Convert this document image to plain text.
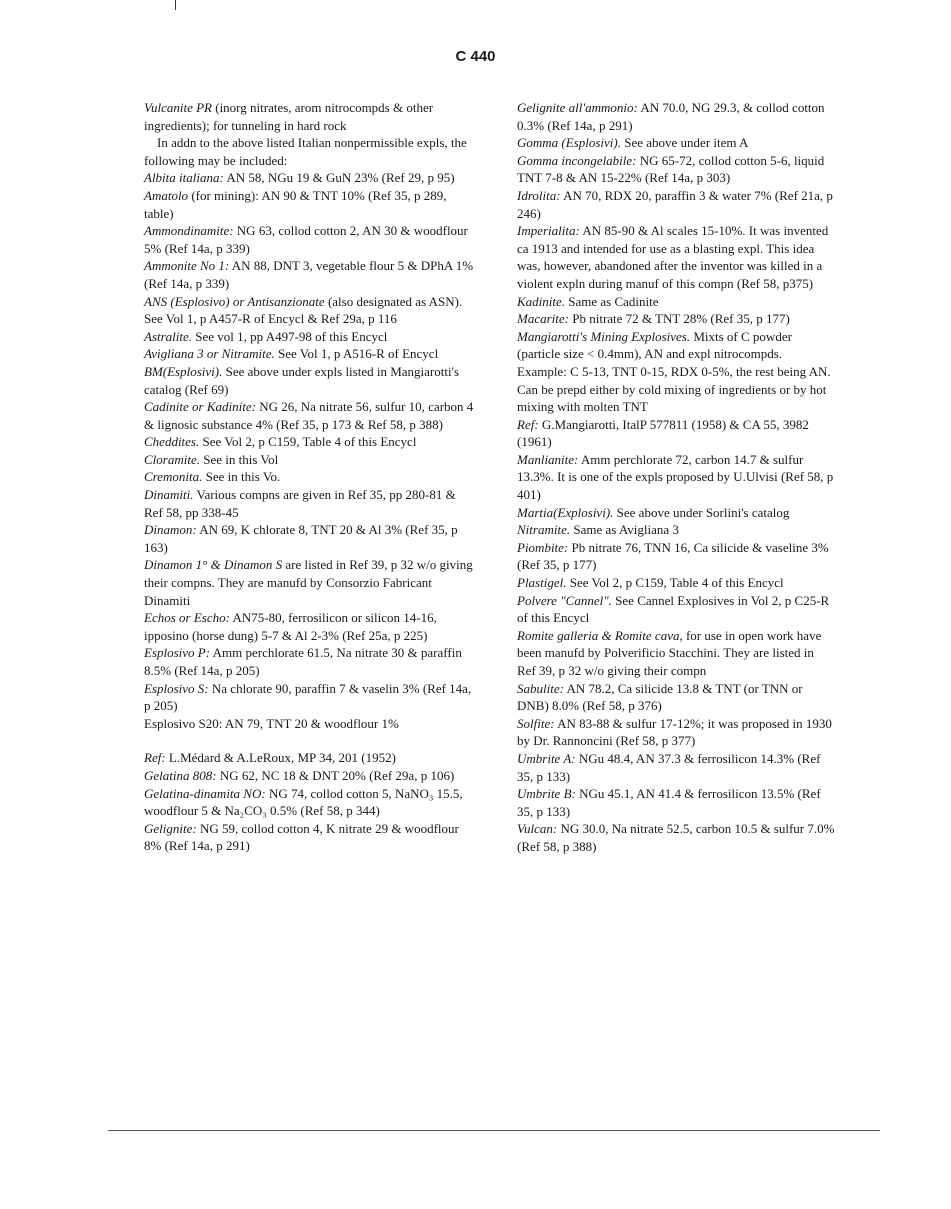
C 440

Vulcanite PR (inorg nitrates, arom nitrocompds & other ingredients); for tunneling in hard rock

 In addn to the above listed Italian nonpermissible expls, the following may be included:

Albita italiana: AN 58, NGu 19 & GuN 23% (Ref 29, p 95)

Amatolo (for mining): AN 90 & TNT 10% (Ref 35, p 289, table)

Ammondinamite: NG 63, collod cotton 2, AN 30 & woodflour 5% (Ref 14a, p 339)

Ammonite No 1: AN 88, DNT 3, vegetable flour 5 & DPhA 1% (Ref 14a, p 339)

ANS (Esplosivo) or Antisanzionate (also designated as ASN). See Vol 1, p A457-R of Encycl & Ref 29a, p 116

Astralite. See vol 1, pp A497-98 of this Encycl

Avigliana 3 or Nitramite. See Vol 1, p A516-R of Encycl

BM(Esplosivi). See above under expls listed in Mangiarotti's catalog (Ref 69)

Cadinite or Kadinite: NG 26, Na nitrate 56, sulfur 10, carbon 4 & lignosic substance 4% (Ref 35, p 173 & Ref 58, p 388)

Cheddites. See Vol 2, p C159, Table 4 of this Encycl

Cloramite. See in this Vol

Cremonita. See in this Vo.

Dinamiti. Various compns are given in Ref 35, pp 280-81 & Ref 58, pp 338-45

Dinamon: AN 69, K chlorate 8, TNT 20 & Al 3% (Ref 35, p 163)

Dinamon 1° & Dinamon S are listed in Ref 39, p 32 w/o giving their compns. They are manufd by Consorzio Fabricant Dinamiti

Echos or Escho: AN75-80, ferrosilicon or silicon 14-16, ipposino (horse dung) 5-7 & Al 2-3% (Ref 25a, p 225)

Esplosivo P: Amm perchlorate 61.5, Na nitrate 30 & paraffin 8.5% (Ref 14a, p 205)

Esplosivo S: Na chlorate 90, paraffin 7 & vaselin 3% (Ref 14a, p 205)

Esplosivo S20: AN 79, TNT 20 & woodflour 1%

Ref: L.Médard & A.LeRoux, MP 34, 201 (1952)

Gelatina 808: NG 62, NC 18 & DNT 20% (Ref 29a, p 106)

Gelatina-dinamita NO: NG 74, collod cotton 5, NaNO₃ 15.5, woodflour 5 & Na₂CO₃ 0.5% (Ref 58, p 344)

Gelignite: NG 59, collod cotton 4, K nitrate 29 & woodflour 8% (Ref 14a, p 291)

Gelignite all'ammonio: AN 70.0, NG 29.3, & collod cotton 0.3% (Ref 14a, p 291)

Gomma (Esplosivi). See above under item A

Gomma incongelabile: NG 65-72, collod cotton 5-6, liquid TNT 7-8 & AN 15-22% (Ref 14a, p 303)

Idrolita: AN 70, RDX 20, paraffin 3 & water 7% (Ref 21a, p 246)

Imperialita: AN 85-90 & Al scales 15-10%. It was invented ca 1913 and intended for use as a blasting expl. This idea was, however, abandoned after the inventor was killed in a violent expln during manuf of this compn (Ref 58, p375)

Kadinite. Same as Cadinite

Macarite: Pb nitrate 72 & TNT 28% (Ref 35, p 177)

Mangiarotti's Mining Explosives. Mixts of C powder (particle size < 0.4mm), AN and expl nitrocompds. Example: C 5-13, TNT 0-15, RDX 0-5%, the rest being AN. Can be prepd either by cold mixing of ingredients or by hot mixing with molten TNT

Ref: G.Mangiarotti, ItalP 577811 (1958) & CA 55, 3982 (1961)

Manlianite: Amm perchlorate 72, carbon 14.7 & sulfur 13.3%. It is one of the expls proposed by U.Ulvisi (Ref 58, p 401)

Martia(Explosivi). See above under Sorlini's catalog

Nitramite. Same as Avigliana 3

Piombite: Pb nitrate 76, TNN 16, Ca silicide & vaseline 3% (Ref 35, p 177)

Plastigel. See Vol 2, p C159, Table 4 of this Encycl

Polvere "Cannel". See Cannel Explosives in Vol 2, p C25-R of this Encycl

Romite galleria & Romite cava, for use in open work have been manufd by Polverificio Stacchini. They are listed in Ref 39, p 32 w/o giving their compn

Sabulite: AN 78.2, Ca silicide 13.8 & TNT (or TNN or DNB) 8.0% (Ref 58, p 376)

Solfite: AN 83-88 & sulfur 17-12%; it was proposed in 1930 by Dr. Rannoncini (Ref 58, p 377)

Umbrite A: NGu 48.4, AN 37.3 & ferrosilicon 14.3% (Ref 35, p 133)

Umbrite B: NGu 45.1, AN 41.4 & ferrosilicon 13.5% (Ref 35, p 133)

Vulcan: NG 30.0, Na nitrate 52.5, carbon 10.5 & sulfur 7.0% (Ref 58, p 388)
